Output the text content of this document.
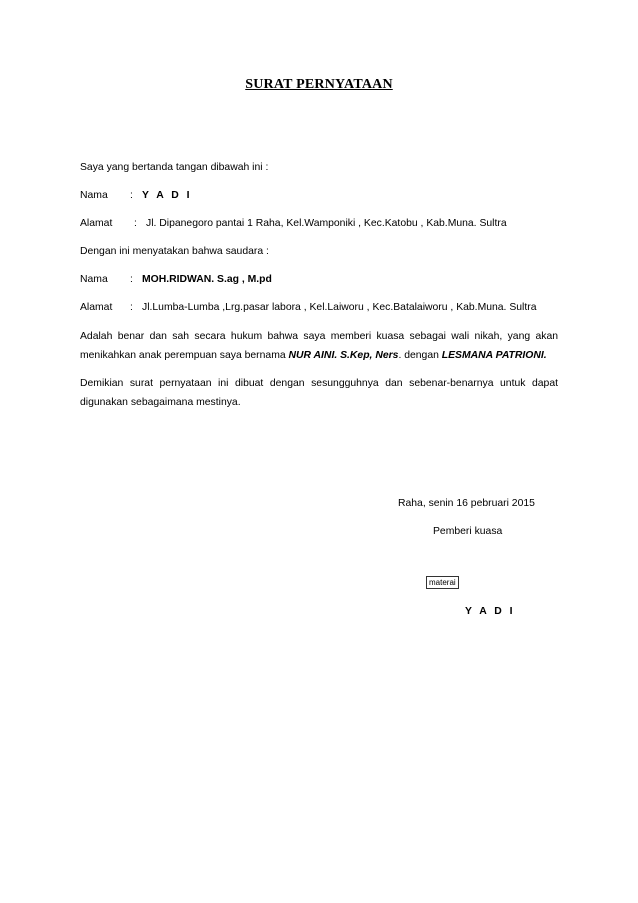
SURAT PERNYATAAN
Saya yang bertanda tangan dibawah ini :
Nama : Y A D I
Alamat : Jl. Dipanegoro pantai 1 Raha, Kel.Wamponiki , Kec.Katobu , Kab.Muna. Sultra
Dengan ini menyatakan bahwa saudara :
Nama : MOH.RIDWAN. S.ag , M.pd
Alamat : Jl.Lumba-Lumba ,Lrg.pasar labora , Kel.Laiworu , Kec.Batalaiworu , Kab.Muna. Sultra
Adalah benar dan sah secara hukum bahwa saya memberi kuasa sebagai wali nikah, yang akan menikahkan anak perempuan saya bernama NUR AINI. S.Kep, Ners. dengan LESMANA PATRIONI.
Demikian surat pernyataan ini dibuat dengan sesungguhnya dan sebenar-benarnya untuk dapat digunakan sebagaimana mestinya.
Raha, senin 16 pebruari 2015
Pemberi kuasa
materai
Y A D I
